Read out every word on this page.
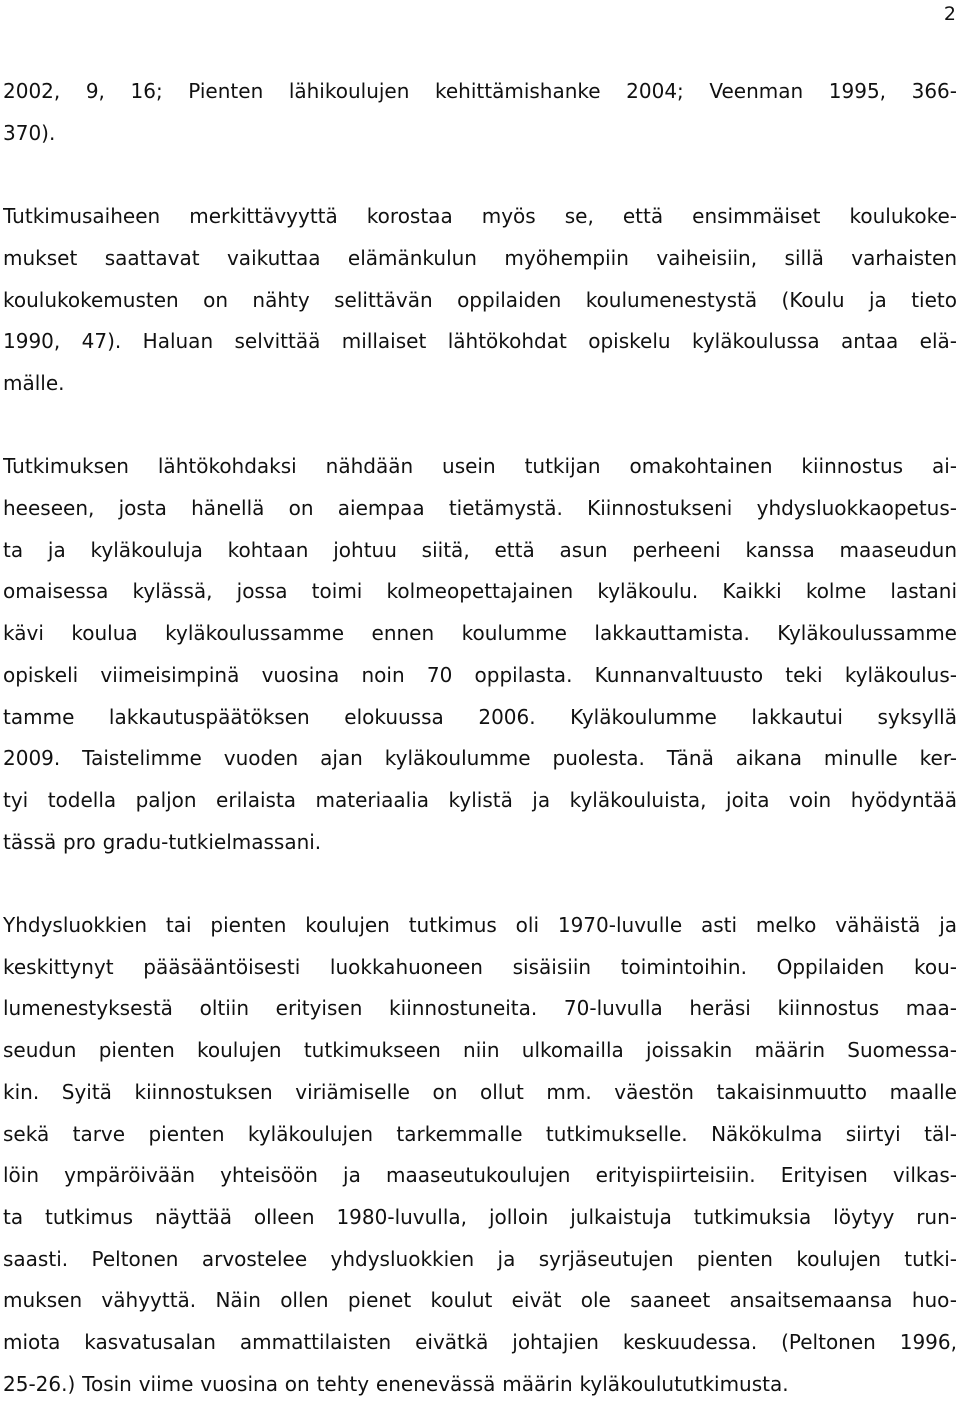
2

2002, 9, 16; Pienten lähikoulujen kehittämishanke 2004; Veenman 1995, 366-
370).

Tutkimusaiheen merkittävyyttä korostaa myös se, että ensimmäiset koulukoke-
mukset saattavat vaikuttaa elämänkulun myöhempiin vaiheisiin, sillä varhaisten
koulukokemusten on nähty selittävän oppilaiden koulumenestystä (Koulu ja tieto
1990, 47). Haluan selvittää millaiset lähtökohdat opiskelu kyläkoulussa antaa elä-
mälle.

Tutkimuksen lähtökohdaksi nähdään usein tutkijan omakohtainen kiinnostus ai-
heeseen, josta hänellä on aiempaa tietämystä. Kiinnostukseni yhdysluokkaopetus-
ta ja kyläkouluja kohtaan johtuu siitä, että asun perheeni kanssa maaseudun
omaisessa kylässä, jossa toimi kolmeopettajainen kyläkoulu. Kaikki kolme lastani
kävi koulua kyläkoulussamme ennen koulumme lakkauttamista. Kyläkoulussamme
opiskeli viimeisimpinä vuosina noin 70 oppilasta. Kunnanvaltuusto teki kyläkoulus-
tamme lakkautuspäätöksen elokuussa 2006. Kyläkoulumme lakkautui syksyllä
2009. Taistelimme vuoden ajan kyläkoulumme puolesta. Tänä aikana minulle ker-
tyi todella paljon erilaista materiaalia kylistä ja kyläkouluista, joita voin hyödyntää
tässä pro gradu-tutkielmassani.

Yhdysluokkien tai pienten koulujen tutkimus oli 1970-luvulle asti melko vähäistä ja
keskittynyt pääsääntöisesti luokkahuoneen sisäisiin toimintoihin. Oppilaiden kou-
lumenestyksestä oltiin erityisen kiinnostuneita. 70-luvulla heräsi kiinnostus maa-
seudun pienten koulujen tutkimukseen niin ulkomailla joissakin määrin Suomessa-
kin. Syitä kiinnostuksen viriämiselle on ollut mm. väestön takaisinmuutto maalle
sekä tarve pienten kyläkoulujen tarkemmalle tutkimukselle. Näkökulma siirtyi täl-
löin ympäröivään yhteisöön ja maaseutukoulujen erityispiirteisiin. Erityisen vilkas-
ta tutkimus näyttää olleen 1980-luvulla, jolloin julkaistuja tutkimuksia löytyy run-
saasti. Peltonen arvostelee yhdysluokkien ja syrjäseutujen pienten koulujen tutki-
muksen vähyyttä. Näin ollen pienet koulut eivät ole saaneet ansaitsemaansa huo-
miota kasvatusalan ammattilaisten eivätkä johtajien keskuudessa. (Peltonen 1996,
25-26.) Tosin viime vuosina on tehty enenevässä määrin kyläkoulututkimusta.
